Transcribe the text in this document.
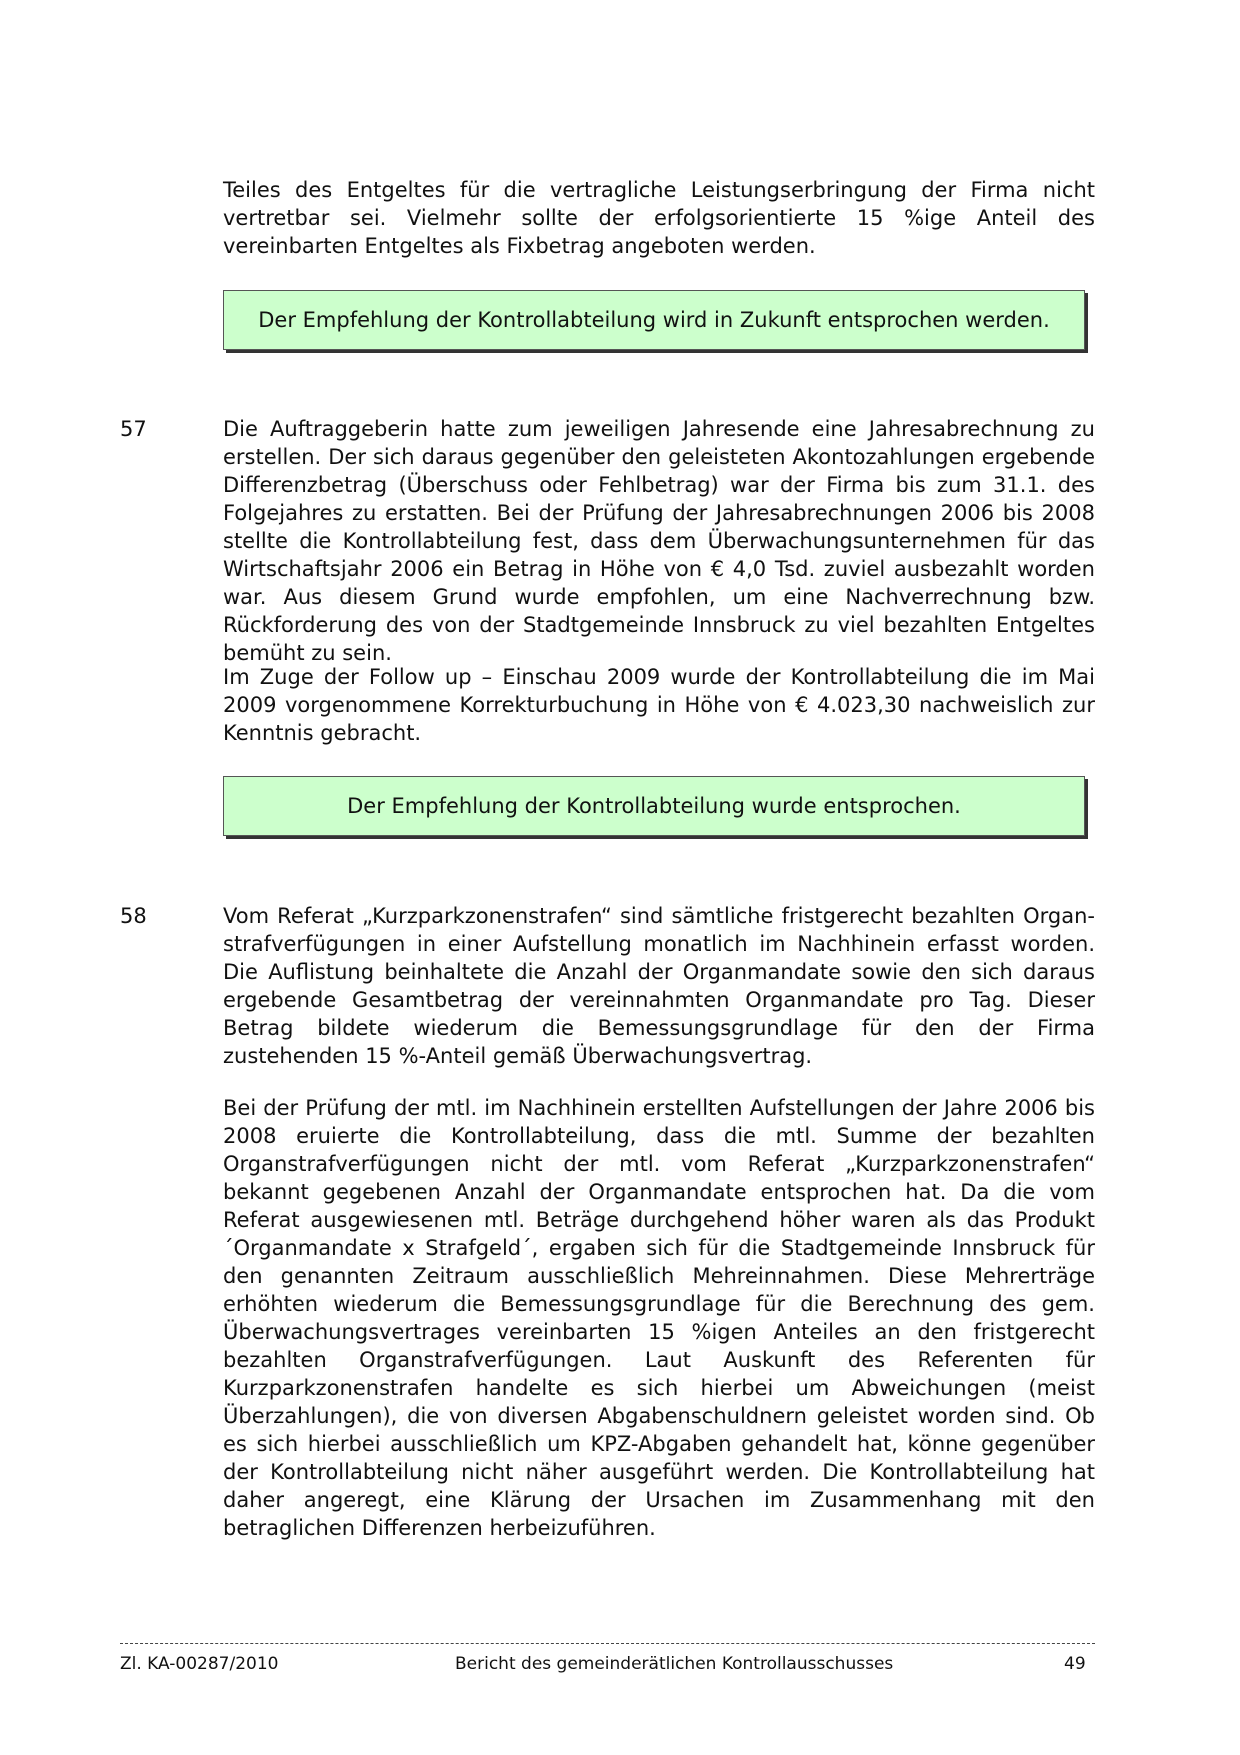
Teiles des Entgeltes für die vertragliche Leistungserbringung der Firma nicht vertretbar sei. Vielmehr sollte der erfolgsorientierte 15 %ige Anteil des vereinbarten Entgeltes als Fixbetrag angeboten werden.

Der Empfehlung der Kontrollabteilung wird in Zukunft entsprochen werden.

57	Die Auftraggeberin hatte zum jeweiligen Jahresende eine Jahresabrechnung zu erstellen. Der sich daraus gegenüber den geleisteten Akontozahlungen ergebende Differenzbetrag (Überschuss oder Fehlbetrag) war der Firma bis zum 31.1. des Folgejahres zu erstatten. Bei der Prüfung der Jahresabrechnungen 2006 bis 2008 stellte die Kontrollabteilung fest, dass dem Überwachungsunternehmen für das Wirtschaftsjahr 2006 ein Betrag in Höhe von € 4,0 Tsd. zuviel ausbezahlt worden war. Aus diesem Grund wurde empfohlen, um eine Nachverrechnung bzw. Rückforderung des von der Stadtgemeinde Innsbruck zu viel bezahlten Entgeltes bemüht zu sein.

Im Zuge der Follow up – Einschau 2009 wurde der Kontrollabteilung die im Mai 2009 vorgenommene Korrekturbuchung in Höhe von € 4.023,30 nachweislich zur Kenntnis gebracht.

Der Empfehlung der Kontrollabteilung wurde entsprochen.

58	Vom Referat „Kurzparkzonenstrafen“ sind sämtliche fristgerecht bezahlten Organstrafverfügungen in einer Aufstellung monatlich im Nachhinein erfasst worden. Die Auflistung beinhaltete die Anzahl der Organmandate sowie den sich daraus ergebende Gesamtbetrag der vereinnahmten Organmandate pro Tag. Dieser Betrag bildete wiederum die Bemessungsgrundlage für den der Firma zustehenden 15 %-Anteil gemäß Überwachungsvertrag.

Bei der Prüfung der mtl. im Nachhinein erstellten Aufstellungen der Jahre 2006 bis 2008 eruierte die Kontrollabteilung, dass die mtl. Summe der bezahlten Organstrafverfügungen nicht der mtl. vom Referat „Kurzparkzonenstrafen“ bekannt gegebenen Anzahl der Organmandate entsprochen hat. Da die vom Referat ausgewiesenen mtl. Beträge durchgehend höher waren als das Produkt ´Organmandate x Strafgeld´, ergaben sich für die Stadtgemeinde Innsbruck für den genannten Zeitraum ausschließlich Mehreinnahmen. Diese Mehrerträge erhöhten wiederum die Bemessungsgrundlage für die Berechnung des gem. Überwachungsvertrages vereinbarten 15 %igen Anteiles an den fristgerecht bezahlten Organstrafverfügungen. Laut Auskunft des Referenten für Kurzparkzonenstrafen handelte es sich hierbei um Abweichungen (meist Überzahlungen), die von diversen Abgabenschuldnern geleistet worden sind. Ob es sich hierbei ausschließlich um KPZ-Abgaben gehandelt hat, könne gegenüber der Kontrollabteilung nicht näher ausgeführt werden. Die Kontrollabteilung hat daher angeregt, eine Klärung der Ursachen im Zusammenhang mit den betraglichen Differenzen herbeizuführen.

Zl. KA-00287/2010	Bericht des gemeinderätlichen Kontrollausschusses	49
